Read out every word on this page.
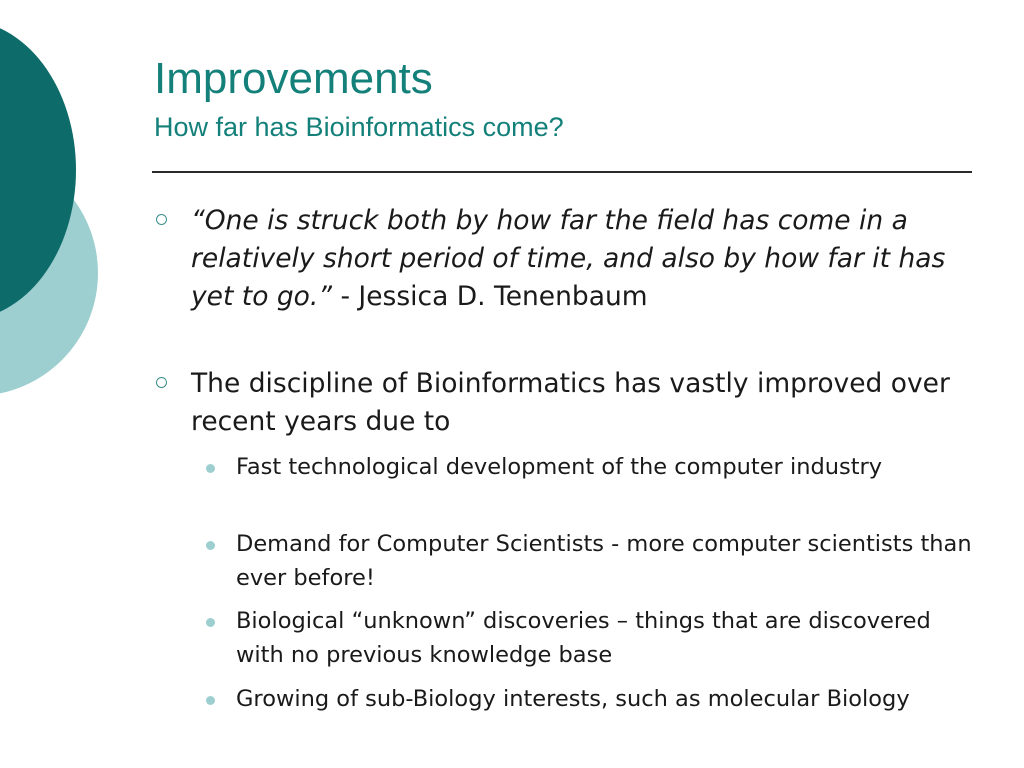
Improvements
How far has Bioinformatics come?
“One is struck both by how far the field has come in a relatively short period of time, and also by how far it has yet to go.” - Jessica D. Tenenbaum
The discipline of Bioinformatics has vastly improved over recent years due to
Fast technological development of the computer industry
Demand for Computer Scientists - more computer scientists than ever before!
Biological “unknown” discoveries – things that are discovered with no previous knowledge base
Growing of sub-Biology interests, such as molecular Biology
